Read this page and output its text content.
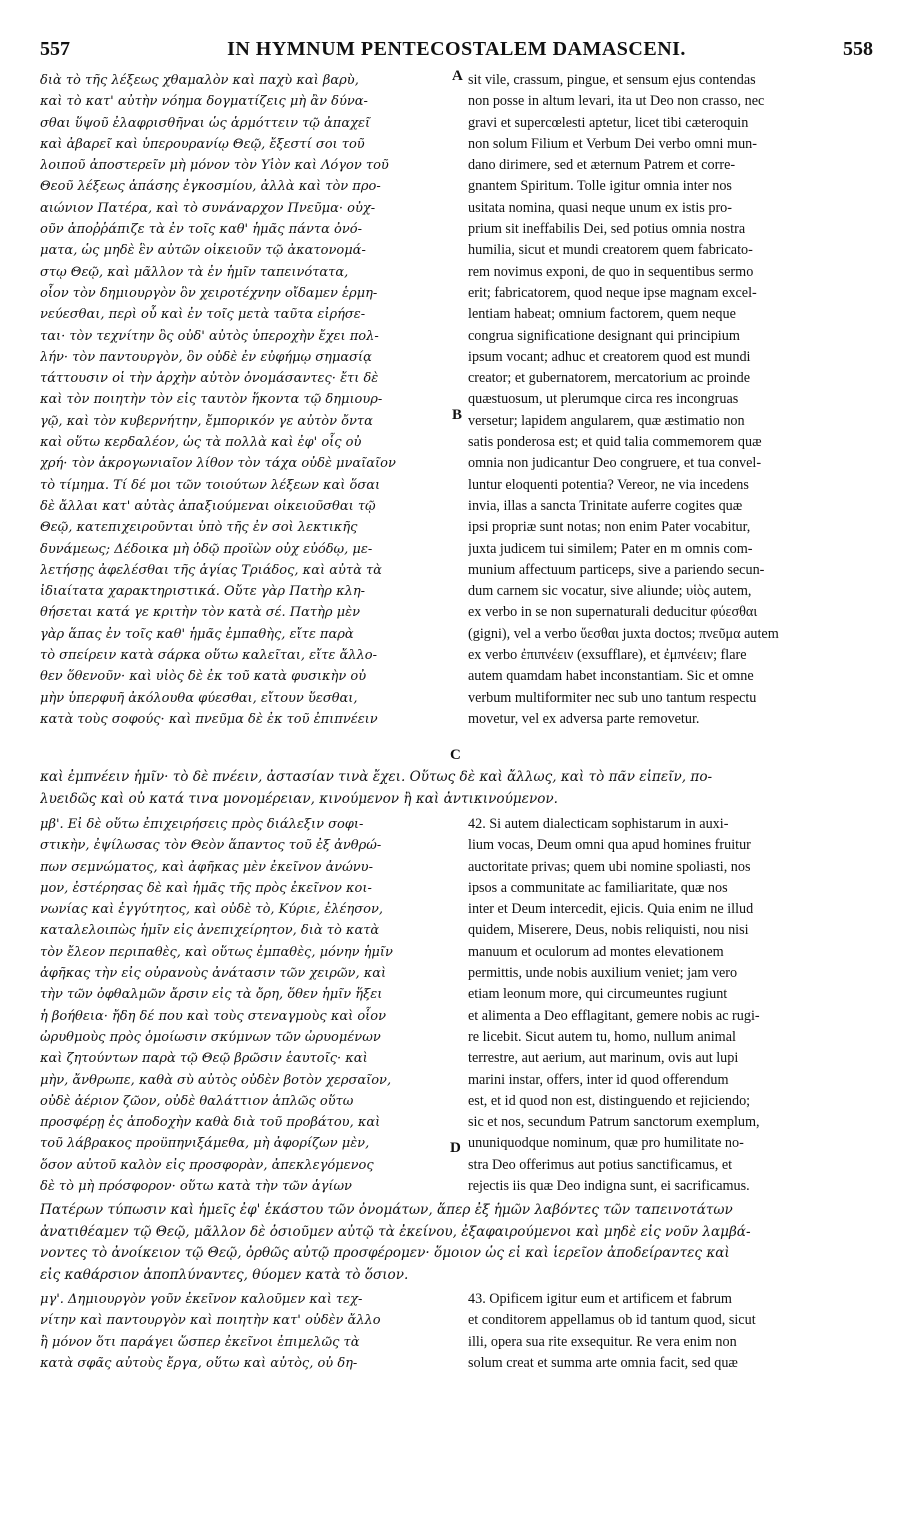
557	IN HYMNUM PENTECOSTALEM DAMASCENI.	558
A
B
C
D
διὰ τὸ τῆς λέξεως χθαμαλὸν καὶ παχὺ καὶ βαρὺ,
καὶ τὸ κατ' αὐτὴν νόημα δογματίζεις μὴ ἂν δύνα-
σθαι ὕψοῦ ἐλαφρισθῆναι ὡς ἁρμόττειν τῷ ἀπαχεῖ
καὶ ἀβαρεῖ καὶ ὑπερουρανίῳ Θεῷ, ἔξεστί σοι τοῦ
λοιποῦ ἀποστερεῖν μὴ μόνον τὸν Υἱὸν καὶ Λόγον τοῦ
Θεοῦ λέξεως ἁπάσης ἐγκοσμίου, ἀλλὰ καὶ τὸν προ-
αιώνιον Πατέρα, καὶ τὸ συνάναρχον Πνεῦμα· οὐχ-
οῦν ἀποῤῥάπιζε τὰ ἐν τοῖς καθ' ἡμᾶς πάντα ὀνό-
ματα, ὡς μηδὲ ἓν αὐτῶν οἰκειοῦν τῷ ἀκατονομά-
στῳ Θεῷ, καὶ μᾶλλον τὰ ἐν ἡμῖν ταπεινότατα,
οἷον τὸν δημιουργὸν ὃν χειροτέχνην οἴδαμεν ἑρμη-
νεύεσθαι, περὶ οὗ καὶ ἐν τοῖς μετὰ ταῦτα εἰρήσε-
ται· τὸν τεχνίτην ὃς οὐδ' αὐτὸς ὑπεροχὴν ἔχει πολ-
λήν· τὸν παντουργὸν, ὃν οὐδὲ ἐν εὐφήμῳ σημασίᾳ
τάττουσιν οἱ τὴν ἀρχὴν αὐτὸν ὀνομάσαντες· ἔτι δὲ
καὶ τὸν ποιητὴν τὸν εἰς ταυτὸν ἥκοντα τῷ δημιουρ-
γῷ, καὶ τὸν κυβερνήτην, ἔμπορικόν γε αὐτὸν ὄντα
καὶ οὕτω κερδαλέον, ὡς τὰ πολλὰ καὶ ἐφ' οἷς οὐ
χρή· τὸν ἀκρογωνιαῖον λίθον τὸν τάχα οὐδὲ μναῖαῖον
τὸ τίμημα. Τί δέ μοι τῶν τοιούτων λέξεων καὶ ὅσαι
δὲ ἄλλαι κατ' αὐτὰς ἀπαξιούμεναι οἰκειοῦσθαι τῷ
Θεῷ, κατεπιχειροῦνται ὑπὸ τῆς ἐν σοὶ λεκτικῆς
δυνάμεως; Δέδοικα μὴ ὁδῷ προϊὼν οὐχ εὐόδῳ, με-
λετήσῃς ἀφελέσθαι τῆς ἁγίας Τριάδος, καὶ αὐτὰ τὰ
ἰδιαίτατα χαρακτηριστικά. Οὔτε γὰρ Πατὴρ κλη-
θήσεται κατά γε κριτὴν τὸν κατὰ σέ. Πατὴρ μὲν
γὰρ ἅπας ἐν τοῖς καθ' ἡμᾶς ἐμπαθὴς, εἴτε παρὰ
τὸ σπείρειν κατὰ σάρκα οὕτω καλεῖται, εἴτε ἄλλο-
θεν ὅθενοῦν· καὶ υἱὸς δὲ ἐκ τοῦ κατὰ φυσικὴν οὐ
μὴν ὑπερφυῆ ἀκόλουθα φύεσθαι, εἴτουν ὕεσθαι,
κατὰ τοὺς σοφούς· καὶ πνεῦμα δὲ ἐκ τοῦ ἐπιπνέειν
sit vile, crassum, pingue, et sensum ejus contendas
non posse in altum levari, ita ut Deo non crasso, nec
gravi et supercœlesti aptetur, licet tibi cæteroquin
non solum Filium et Verbum Dei verbo omni mun-
dano dirimere, sed et æternum Patrem et corre-
gnantem Spiritum. Tolle igitur omnia inter nos
usitata nomina, quasi neque unum ex istis pro-
prium sit ineffabilis Dei, sed potius omnia nostra
humilia, sicut et mundi creatorem quem fabricato-
rem novimus exponi, de quo in sequentibus sermo
erit; fabricatorem, quod neque ipse magnam excel-
lentiam habeat; omnium factorem, quem neque
congrua significatione designant qui principium
ipsum vocant; adhuc et creatorem quod est mundi
creator; et gubernatorem, mercatorium ac proinde
quæstuosum, ut plerumque circa res incongruas
versetur; lapidem angularem, quæ æstimatio non
satis ponderosa est; et quid talia commemorem quæ
omnia non judicantur Deo congruere, et tua convel-
luntur eloquenti potentia? Vereor, ne via incedens
invia, illas a sancta Trinitate auferre cogites quæ
ipsi propriæ sunt notas; non enim Pater vocabitur,
juxta judicem tui similem; Pater en m omnis com-
munium affectuum particeps, sive a pariendo secun-
dum carnem sic vocatur, sive aliunde; υἱὸς autem,
ex verbo in se non supernaturali deducitur φύεσθαι
(gigni), vel a verbo ὕεσθαι juxta doctos; πνεῦμα autem
ex verbo ἐπιπνέειν (exsufflare), et ἐμπνέειν; flare
autem quamdam habet inconstantiam. Sic et omne
verbum multiformiter nec sub uno tantum respectu
movetur, vel ex adversa parte removetur.
καὶ ἐμπνέειν ἡμῖν· τὸ δὲ πνέειν, ἀστασίαν τινὰ ἔχει. Οὕτως δὲ καὶ ἄλλως, καὶ τὸ πᾶν εἰπεῖν, πο-
λυειδῶς καὶ οὐ κατά τινα μονομέρειαν, κινούμενον ἢ καὶ ἀντικινούμενον.
μβ'. Εἰ δὲ οὕτω ἐπιχειρήσεις πρὸς διάλεξιν σοφι-
στικὴν, ἐψίλωσας τὸν Θεὸν ἅπαντος τοῦ ἐξ ἀνθρώ-
πων σεμνώματος, καὶ ἀφῆκας μὲν ἐκεῖνον ἀνώνυ-
μον, ἐστέρησας δὲ καὶ ἡμᾶς τῆς πρὸς ἐκεῖνον κοι-
νωνίας καὶ ἐγγύτητος, καὶ οὐδὲ τὸ, Κύριε, ἐλέησον,
καταλελοιπὼς ἡμῖν εἰς ἀνεπιχείρητον, διὰ τὸ κατὰ
τὸν ἔλεον περιπαθὲς, καὶ οὕτως ἐμπαθὲς, μόνην ἡμῖν
ἀφῆκας τὴν εἰς οὐρανοὺς ἀνάτασιν τῶν χειρῶν, καὶ
τὴν τῶν ὀφθαλμῶν ἄρσιν εἰς τὰ ὄρη, ὅθεν ἡμῖν ἥξει
ἡ βοήθεια· ἤδη δέ που καὶ τοὺς στεναγμοὺς καὶ οἷον
ὠρυθμοὺς πρὸς ὁμοίωσιν σκύμνων τῶν ὠρυομένων
καὶ ζητούντων παρὰ τῷ Θεῷ βρῶσιν ἑαυτοῖς· καὶ
μὴν, ἄνθρωπε, καθὰ σὺ αὐτὸς οὐδὲν βοτὸν χερσαῖον,
οὐδὲ ἀέριον ζῶον, οὐδὲ θαλάττιον ἁπλῶς οὕτω
προσφέρῃ ἐς ἀποδοχὴν καθὰ διὰ τοῦ προβάτου, καὶ
τοῦ λάβρακος προϋπηνιξάμεθα, μὴ ἀφορίζων μὲν,
ὅσον αὐτοῦ καλὸν εἰς προσφορὰν, ἀπεκλεγόμενος
δὲ τὸ μὴ πρόσφορον· οὕτω κατὰ τὴν τῶν ἁγίων
42. Si autem dialecticam sophistarum in auxi-
lium vocas, Deum omni qua apud homines fruitur
auctoritate privas; quem ubi nomine spoliasti, nos
ipsos a communitate ac familiaritate, quæ nos
inter et Deum intercedit, ejicis. Quia enim ne illud
quidem, Miserere, Deus, nobis reliquisti, nou nisi
manuum et oculorum ad montes elevationem
permittis, unde nobis auxilium veniet; jam vero
etiam leonum more, qui circumeuntes rugiunt
et alimenta a Deo efflagitant, gemere nobis ac rugi-
re licebit. Sicut autem tu, homo, nullum animal
terrestre, aut aerium, aut marinum, ovis aut lupi
marini instar, offers, inter id quod offerendum
est, et id quod non est, distinguendo et rejiciendo;
sic et nos, secundum Patrum sanctorum exemplum,
ununiquodque nominum, quæ pro humilitate no-
stra Deo offerimus aut potius sanctificamus, et
rejectis iis quæ Deo indigna sunt, ei sacrificamus.
Πατέρων τύπωσιν καὶ ἡμεῖς ἐφ' ἑκάστου τῶν ὀνομάτων, ἅπερ ἐξ ἡμῶν λαβόντες τῶν ταπεινοτάτων
ἀνατιθέαμεν τῷ Θεῷ, μᾶλλον δὲ ὁσιοῦμεν αὐτῷ τὰ ἐκείνου, ἐξαφαιρούμενοι καὶ μηδὲ εἰς νοῦν λαμβά-
νοντες τὸ ἀνοίκειον τῷ Θεῷ, ὀρθῶς αὐτῷ προσφέρομεν· ὅμοιον ὡς εἰ καὶ ἱερεῖον ἀποδείραντες καὶ
εἰς καθάρσιον ἀποπλύναντες, θύομεν κατὰ τὸ ὅσιον.
μγ'. Δημιουργὸν γοῦν ἐκεῖνον καλοῦμεν καὶ τεχ-
νίτην καὶ παντουργὸν καὶ ποιητὴν κατ' οὐδὲν ἄλλο
ἢ μόνον ὅτι παράγει ὥσπερ ἐκεῖνοι ἐπιμελῶς τὰ
κατὰ σφᾶς αὐτοὺς ἔργα, οὕτω καὶ αὐτὸς, οὐ δη-
43. Opificem igitur eum et artificem et fabrum
et conditorem appellamus ob id tantum quod, sicut
illi, opera sua rite exsequitur. Re vera enim non
solum creat et summa arte omnia facit, sed quæ
